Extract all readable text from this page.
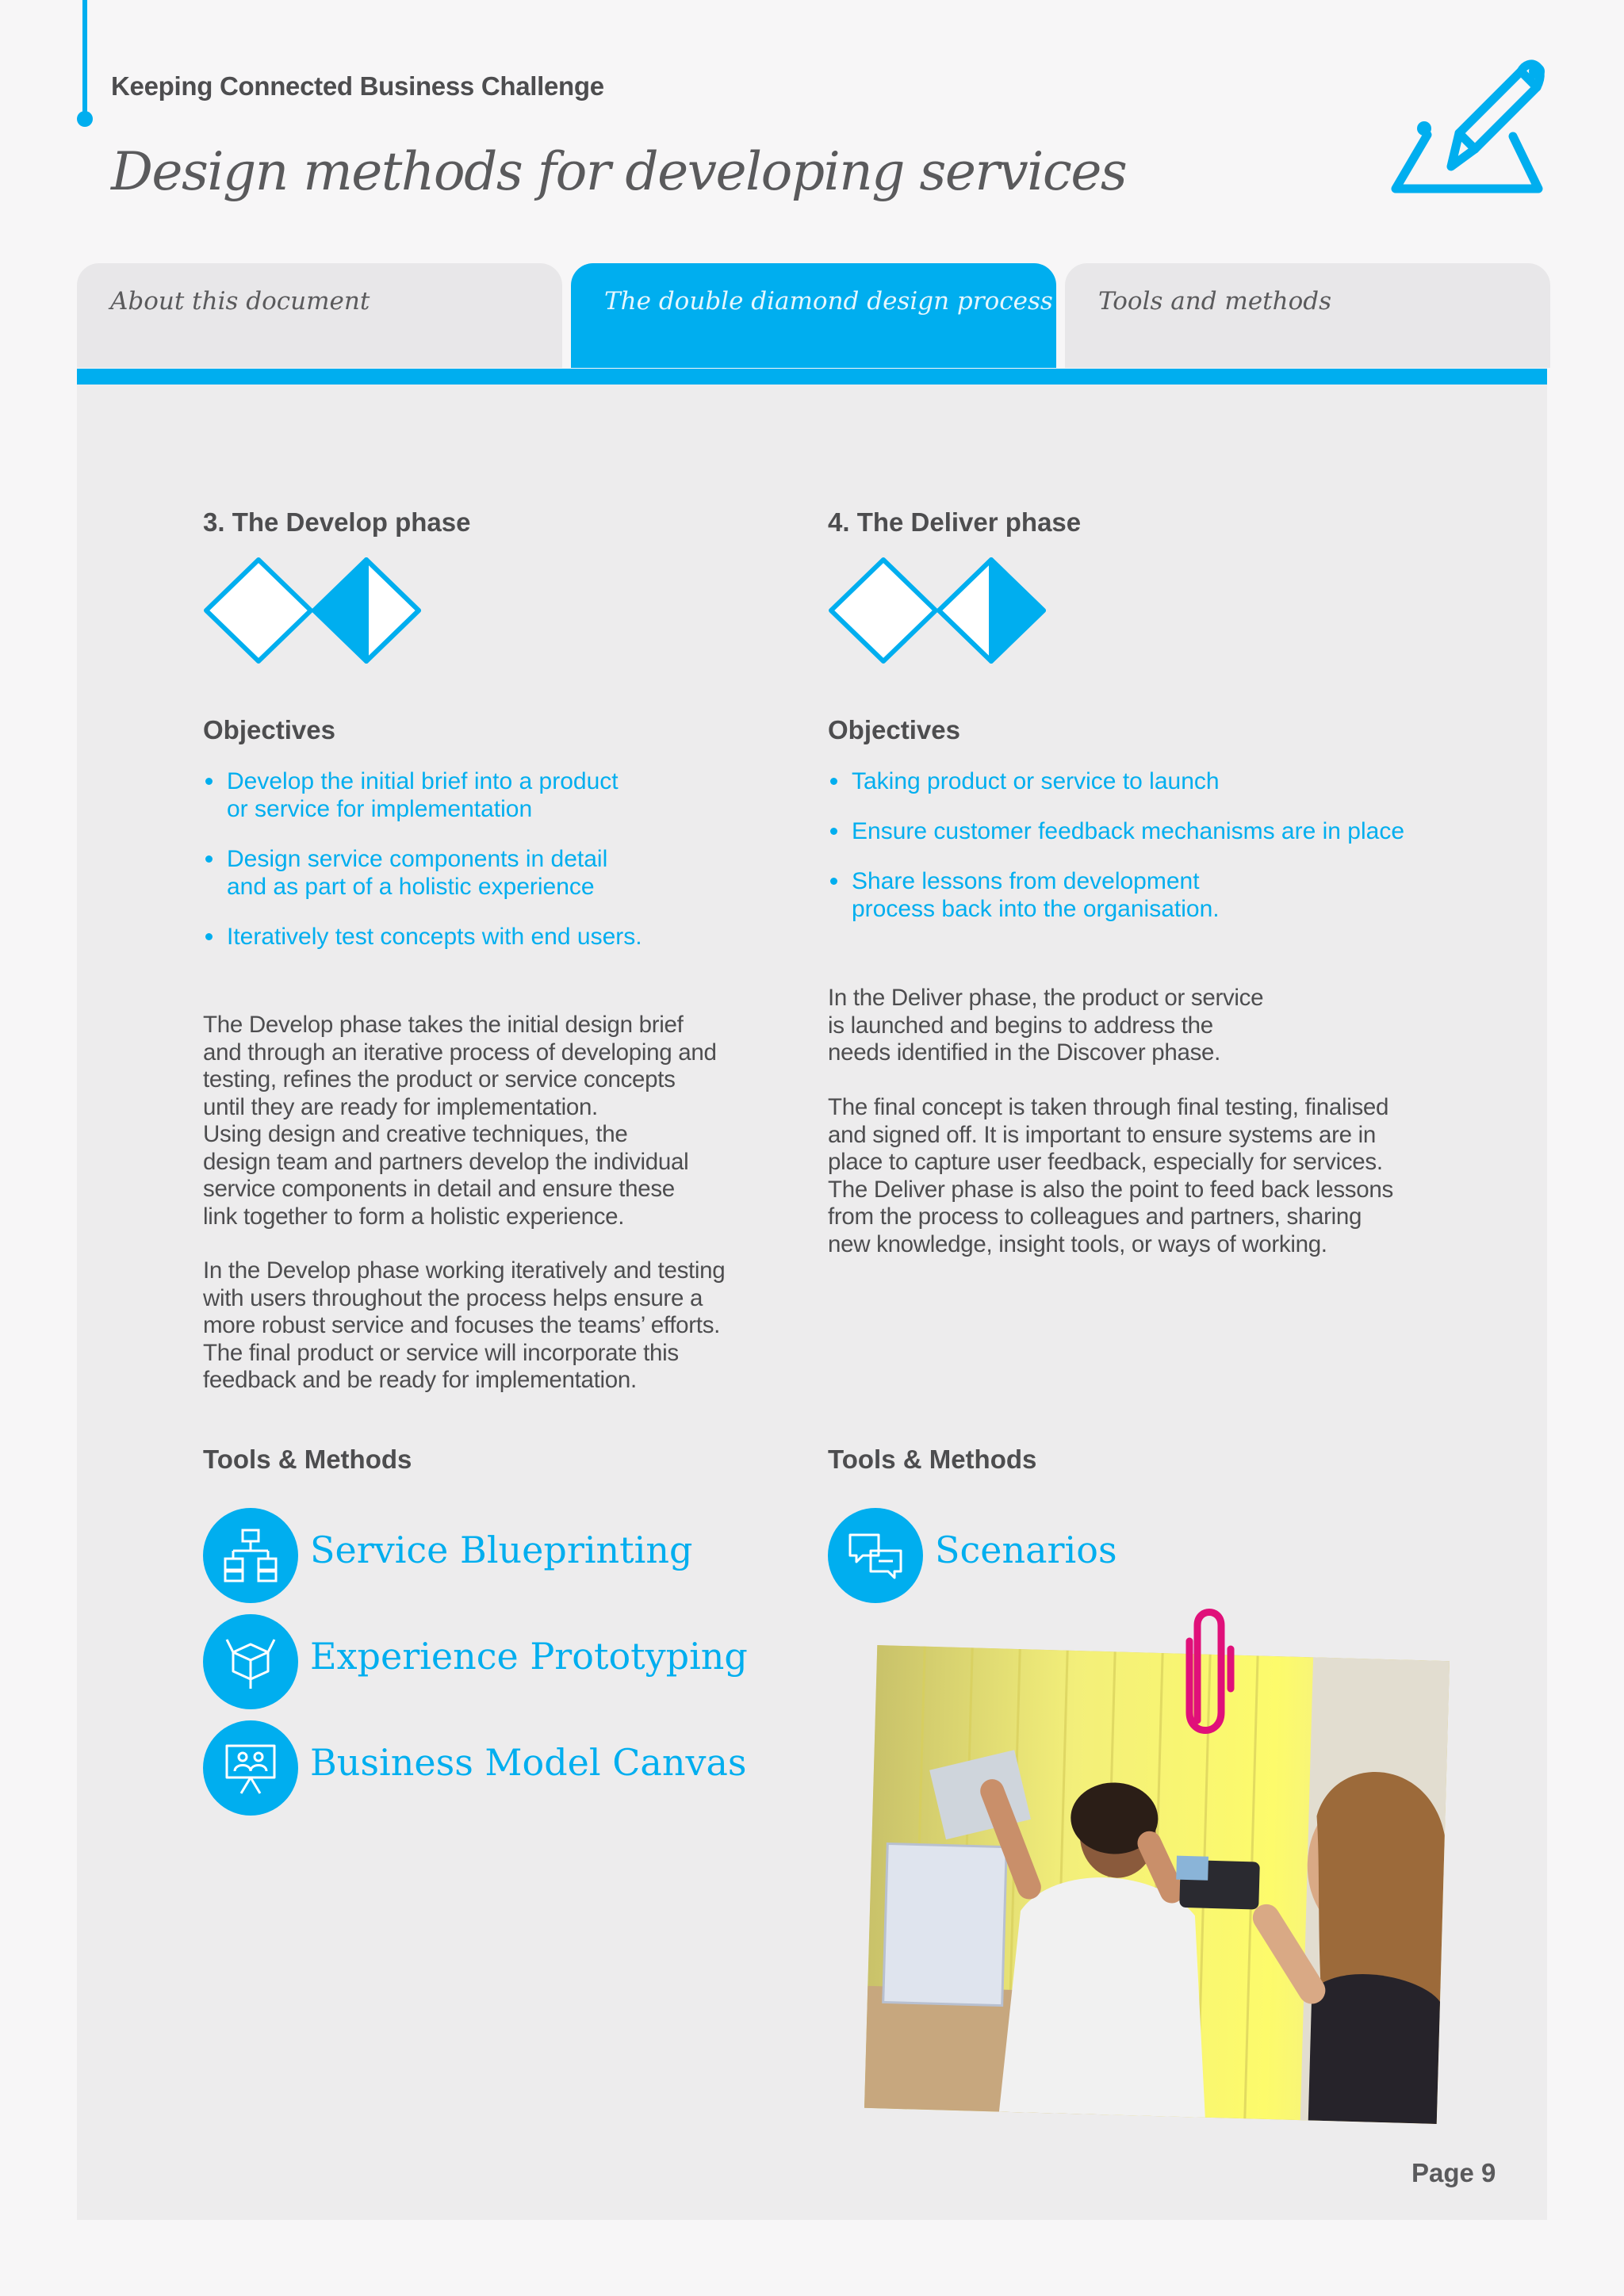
Keeping Connected Business Challenge
Design methods for developing services
About this document	The double diamond design process Tools and methods
3. The Develop phase
Objectives
Develop the initial brief into a product
or service for implementation
Design service components in detail
and as part of a holistic experience
Iteratively test concepts with end users.
The Develop phase takes the initial design brief
and through an iterative process of developing and
testing, refines the product or service concepts
until they are ready for implementation.
Using design and creative techniques, the
design team and partners develop the individual
service components in detail and ensure these
link together to form a holistic experience.
In the Develop phase working iteratively and testing
with users throughout the process helps ensure a
more robust service and focuses the teams’ efforts.
The final product or service will incorporate this
feedback and be ready for implementation.
Tools & Methods
Service Blueprinting
Experience Prototyping
Business Model Canvas
4. The Deliver phase
Objectives
Taking product or service to launch
Ensure customer feedback mechanisms are in place
Share lessons from development
process back into the organisation.
In the Deliver phase, the product or service
is launched and begins to address the
needs identified in the Discover phase.
The final concept is taken through final testing, finalised
and signed off. It is important to ensure systems are in
place to capture user feedback, especially for services.
The Deliver phase is also the point to feed back lessons
from the process to colleagues and partners, sharing
new knowledge, insight tools, or ways of working.
Tools & Methods
Scenarios
Page 9
